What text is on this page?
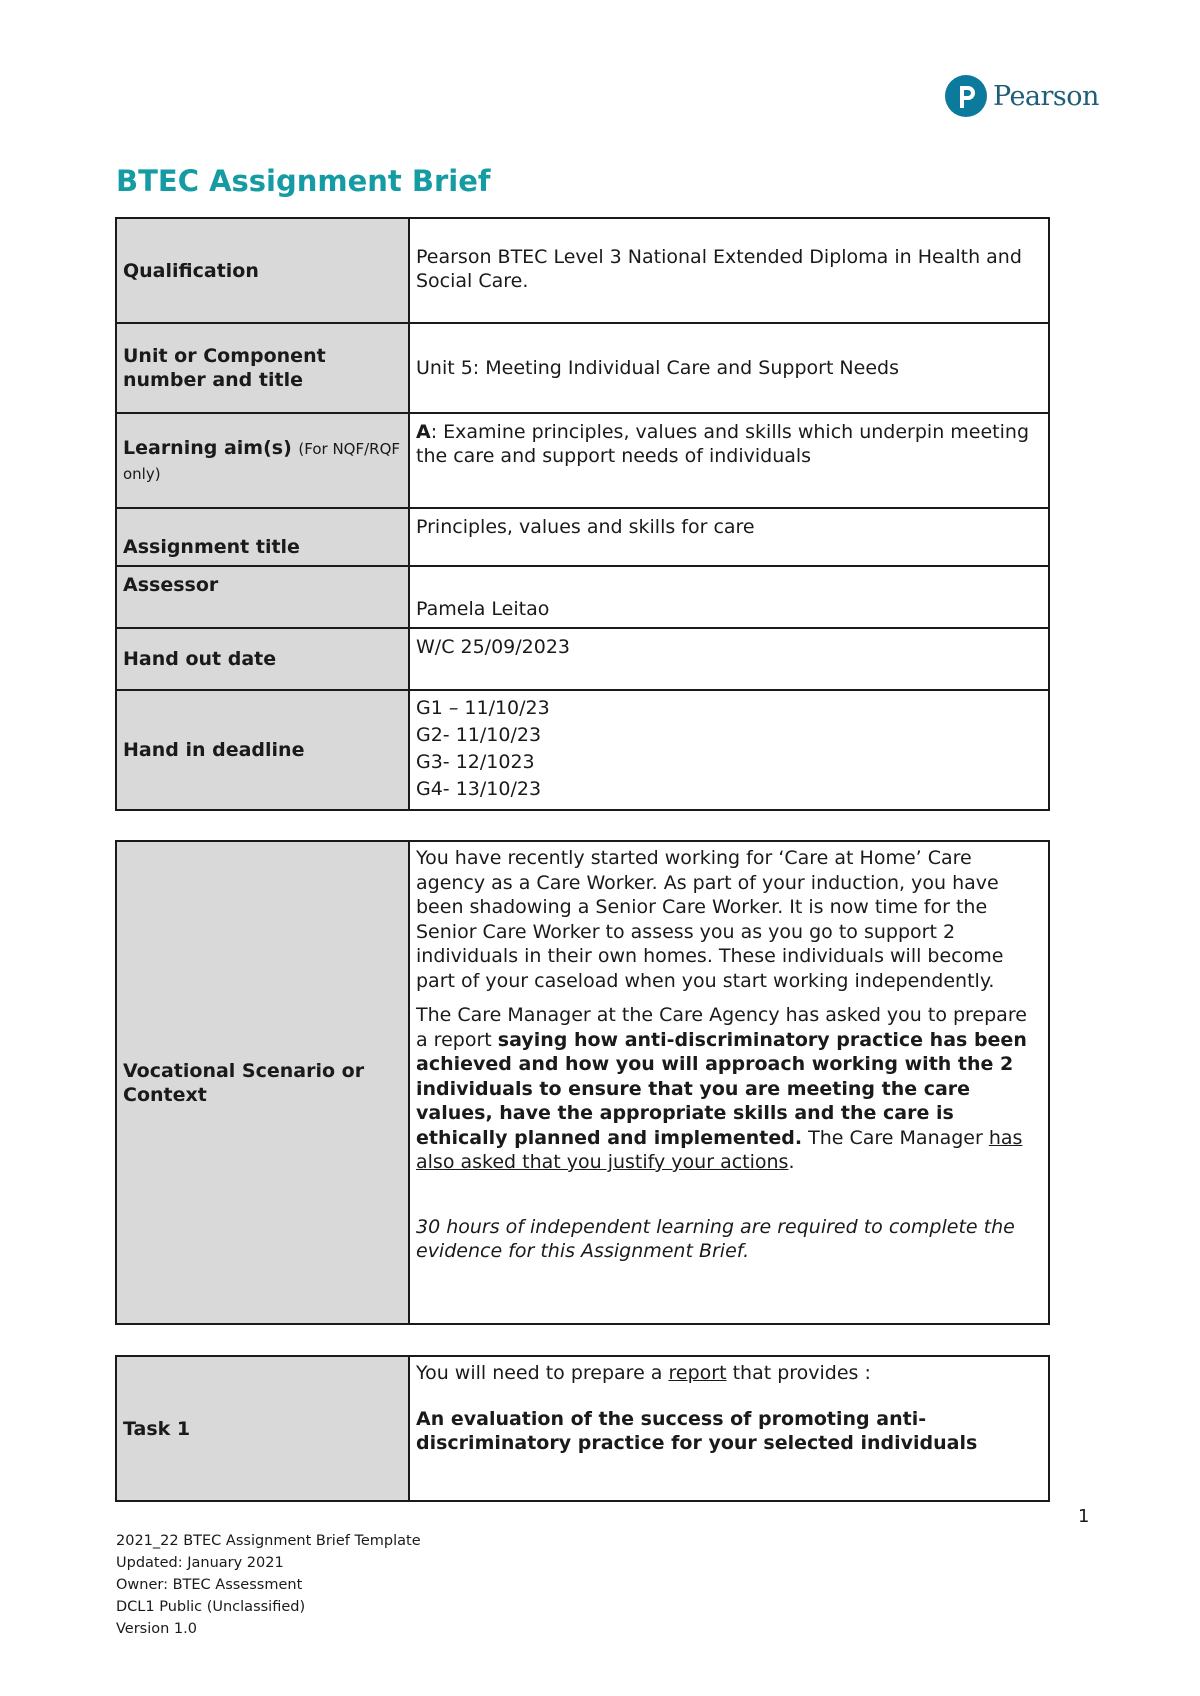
Pearson
BTEC Assignment Brief
Qualification	Pearson BTEC Level 3 National Extended Diploma in Health and Social Care.
Unit or Component number and title	Unit 5: Meeting Individual Care and Support Needs
Learning aim(s) (For NQF/RQF only)	A: Examine principles, values and skills which underpin meeting the care and support needs of individuals
Assignment title	Principles, values and skills for care
Assessor	Pamela Leitao
Hand out date	W/C 25/09/2023
Hand in deadline	G1 – 11/10/23
G2- 11/10/23
G3- 12/1023
G4- 13/10/23
Vocational Scenario or Context	

You have recently started working for ‘Care at Home’ Care agency as a Care Worker. As part of your induction, you have been shadowing a Senior Care Worker. It is now time for the Senior Care Worker to assess you as you go to support 2 individuals in their own homes. These individuals will become part of your caseload when you start working independently.

The Care Manager at the Care Agency has asked you to prepare a report saying how anti-discriminatory practice has been achieved and how you will approach working with the 2 individuals to ensure that you are meeting the care values, have the appropriate skills and the care is ethically planned and implemented. The Care Manager has also asked that you justify your actions.

30 hours of independent learning are required to complete the evidence for this Assignment Brief.

Task 1	

You will need to prepare a report that provides :

An evaluation of the success of promoting anti-discriminatory practice for your selected individuals

1

2021_22 BTEC Assignment Brief Template
Updated: January 2021
Owner: BTEC Assessment
DCL1 Public (Unclassified)
Version 1.0
